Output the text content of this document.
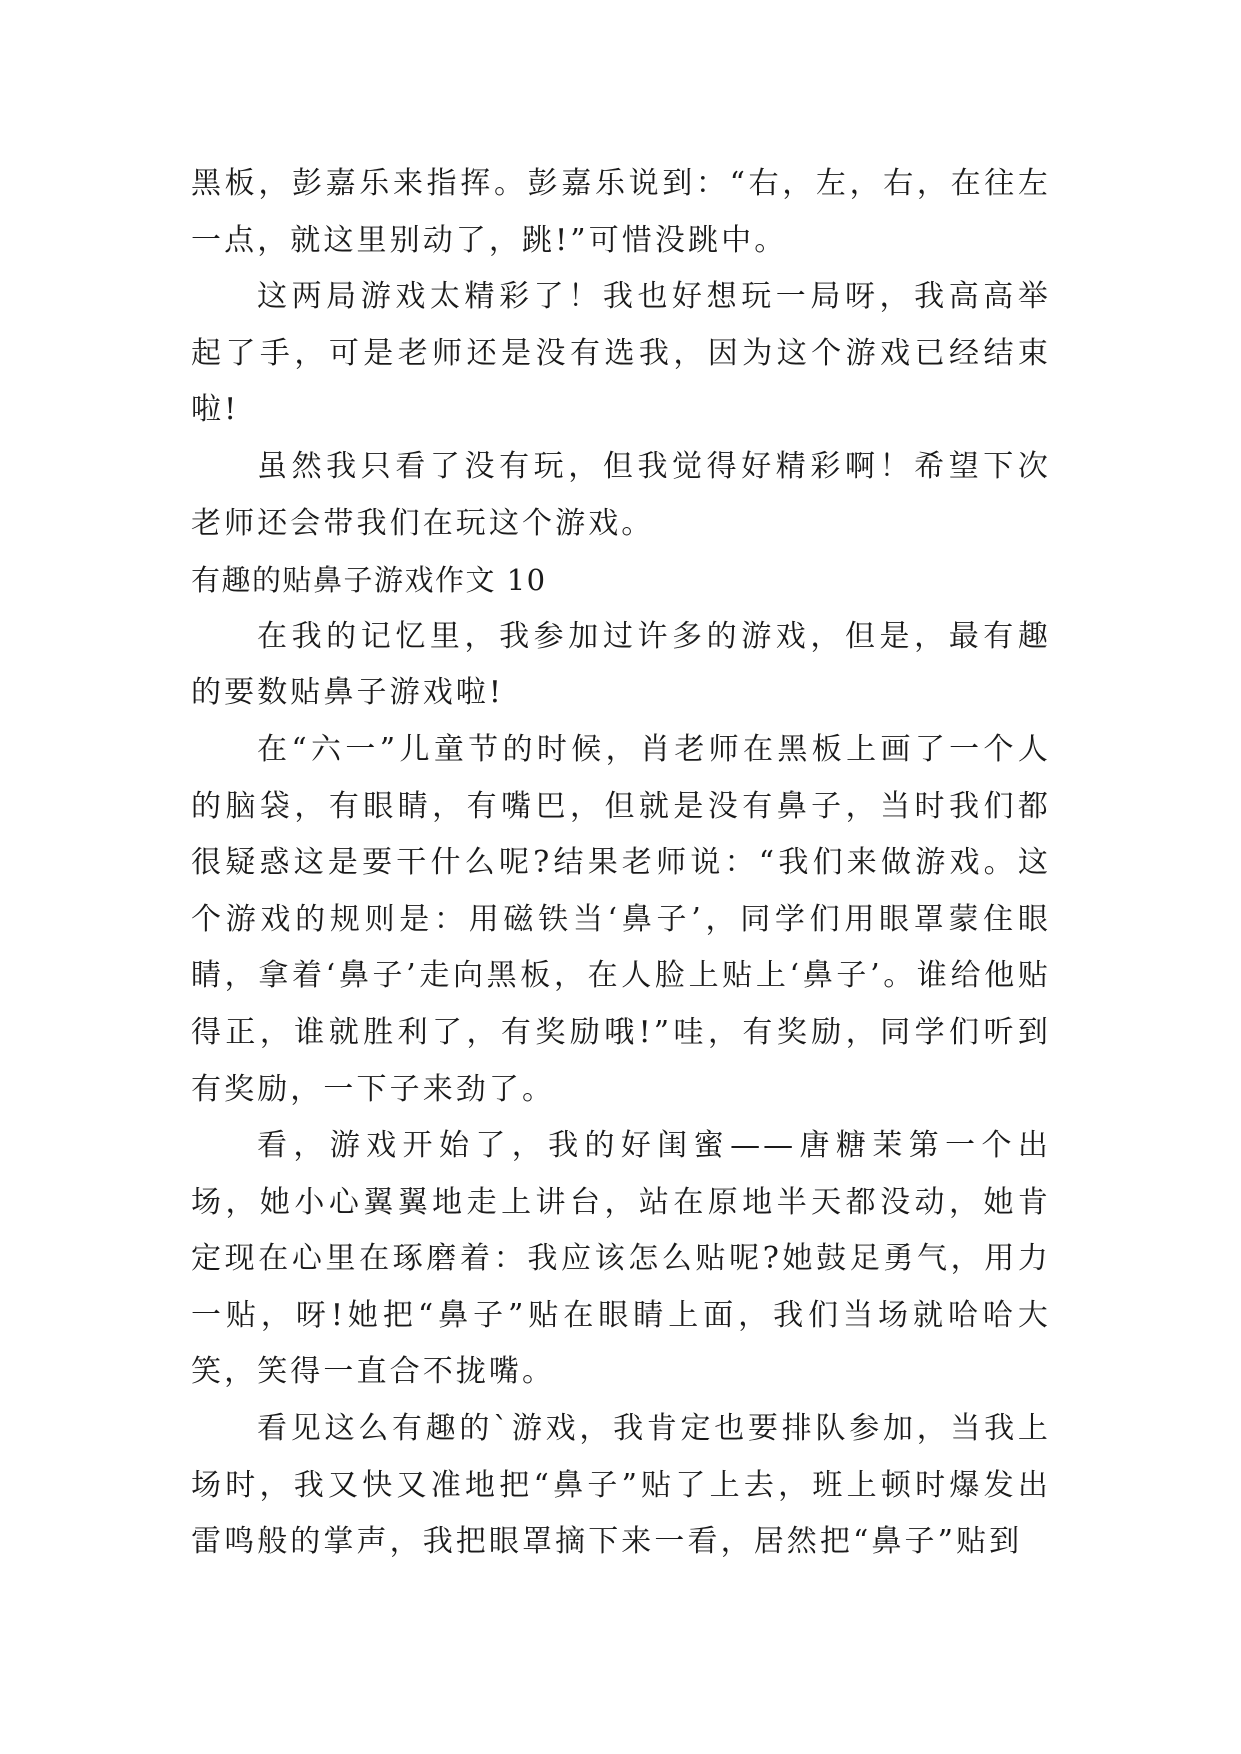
黑板，彭嘉乐来指挥。彭嘉乐说到：“右，左，右，在往左一点，就这里别动了，跳!”可惜没跳中。

这两局游戏太精彩了！我也好想玩一局呀，我高高举起了手，可是老师还是没有选我，因为这个游戏已经结束啦!

虽然我只看了没有玩，但我觉得好精彩啊！希望下次老师还会带我们在玩这个游戏。

有趣的贴鼻子游戏作文 10

在我的记忆里，我参加过许多的游戏，但是，最有趣的要数贴鼻子游戏啦!

在“六一”儿童节的时候，肖老师在黑板上画了一个人的脑袋，有眼睛，有嘴巴，但就是没有鼻子，当时我们都很疑惑这是要干什么呢?结果老师说：“我们来做游戏。这个游戏的规则是：用磁铁当‘鼻子’，同学们用眼罩蒙住眼睛，拿着‘鼻子’走向黑板，在人脸上贴上‘鼻子’。谁给他贴得正，谁就胜利了，有奖励哦!”哇，有奖励，同学们听到有奖励，一下子来劲了。

看，游戏开始了，我的好闺蜜——唐糖茉第一个出场，她小心翼翼地走上讲台，站在原地半天都没动，她肯定现在心里在琢磨着：我应该怎么贴呢?她鼓足勇气，用力一贴，呀!她把“鼻子”贴在眼睛上面，我们当场就哈哈大笑，笑得一直合不拢嘴。

看见这么有趣的`游戏，我肯定也要排队参加，当我上场时，我又快又准地把“鼻子”贴了上去，班上顿时爆发出雷鸣般的掌声，我把眼罩摘下来一看，居然把“鼻子”贴到
